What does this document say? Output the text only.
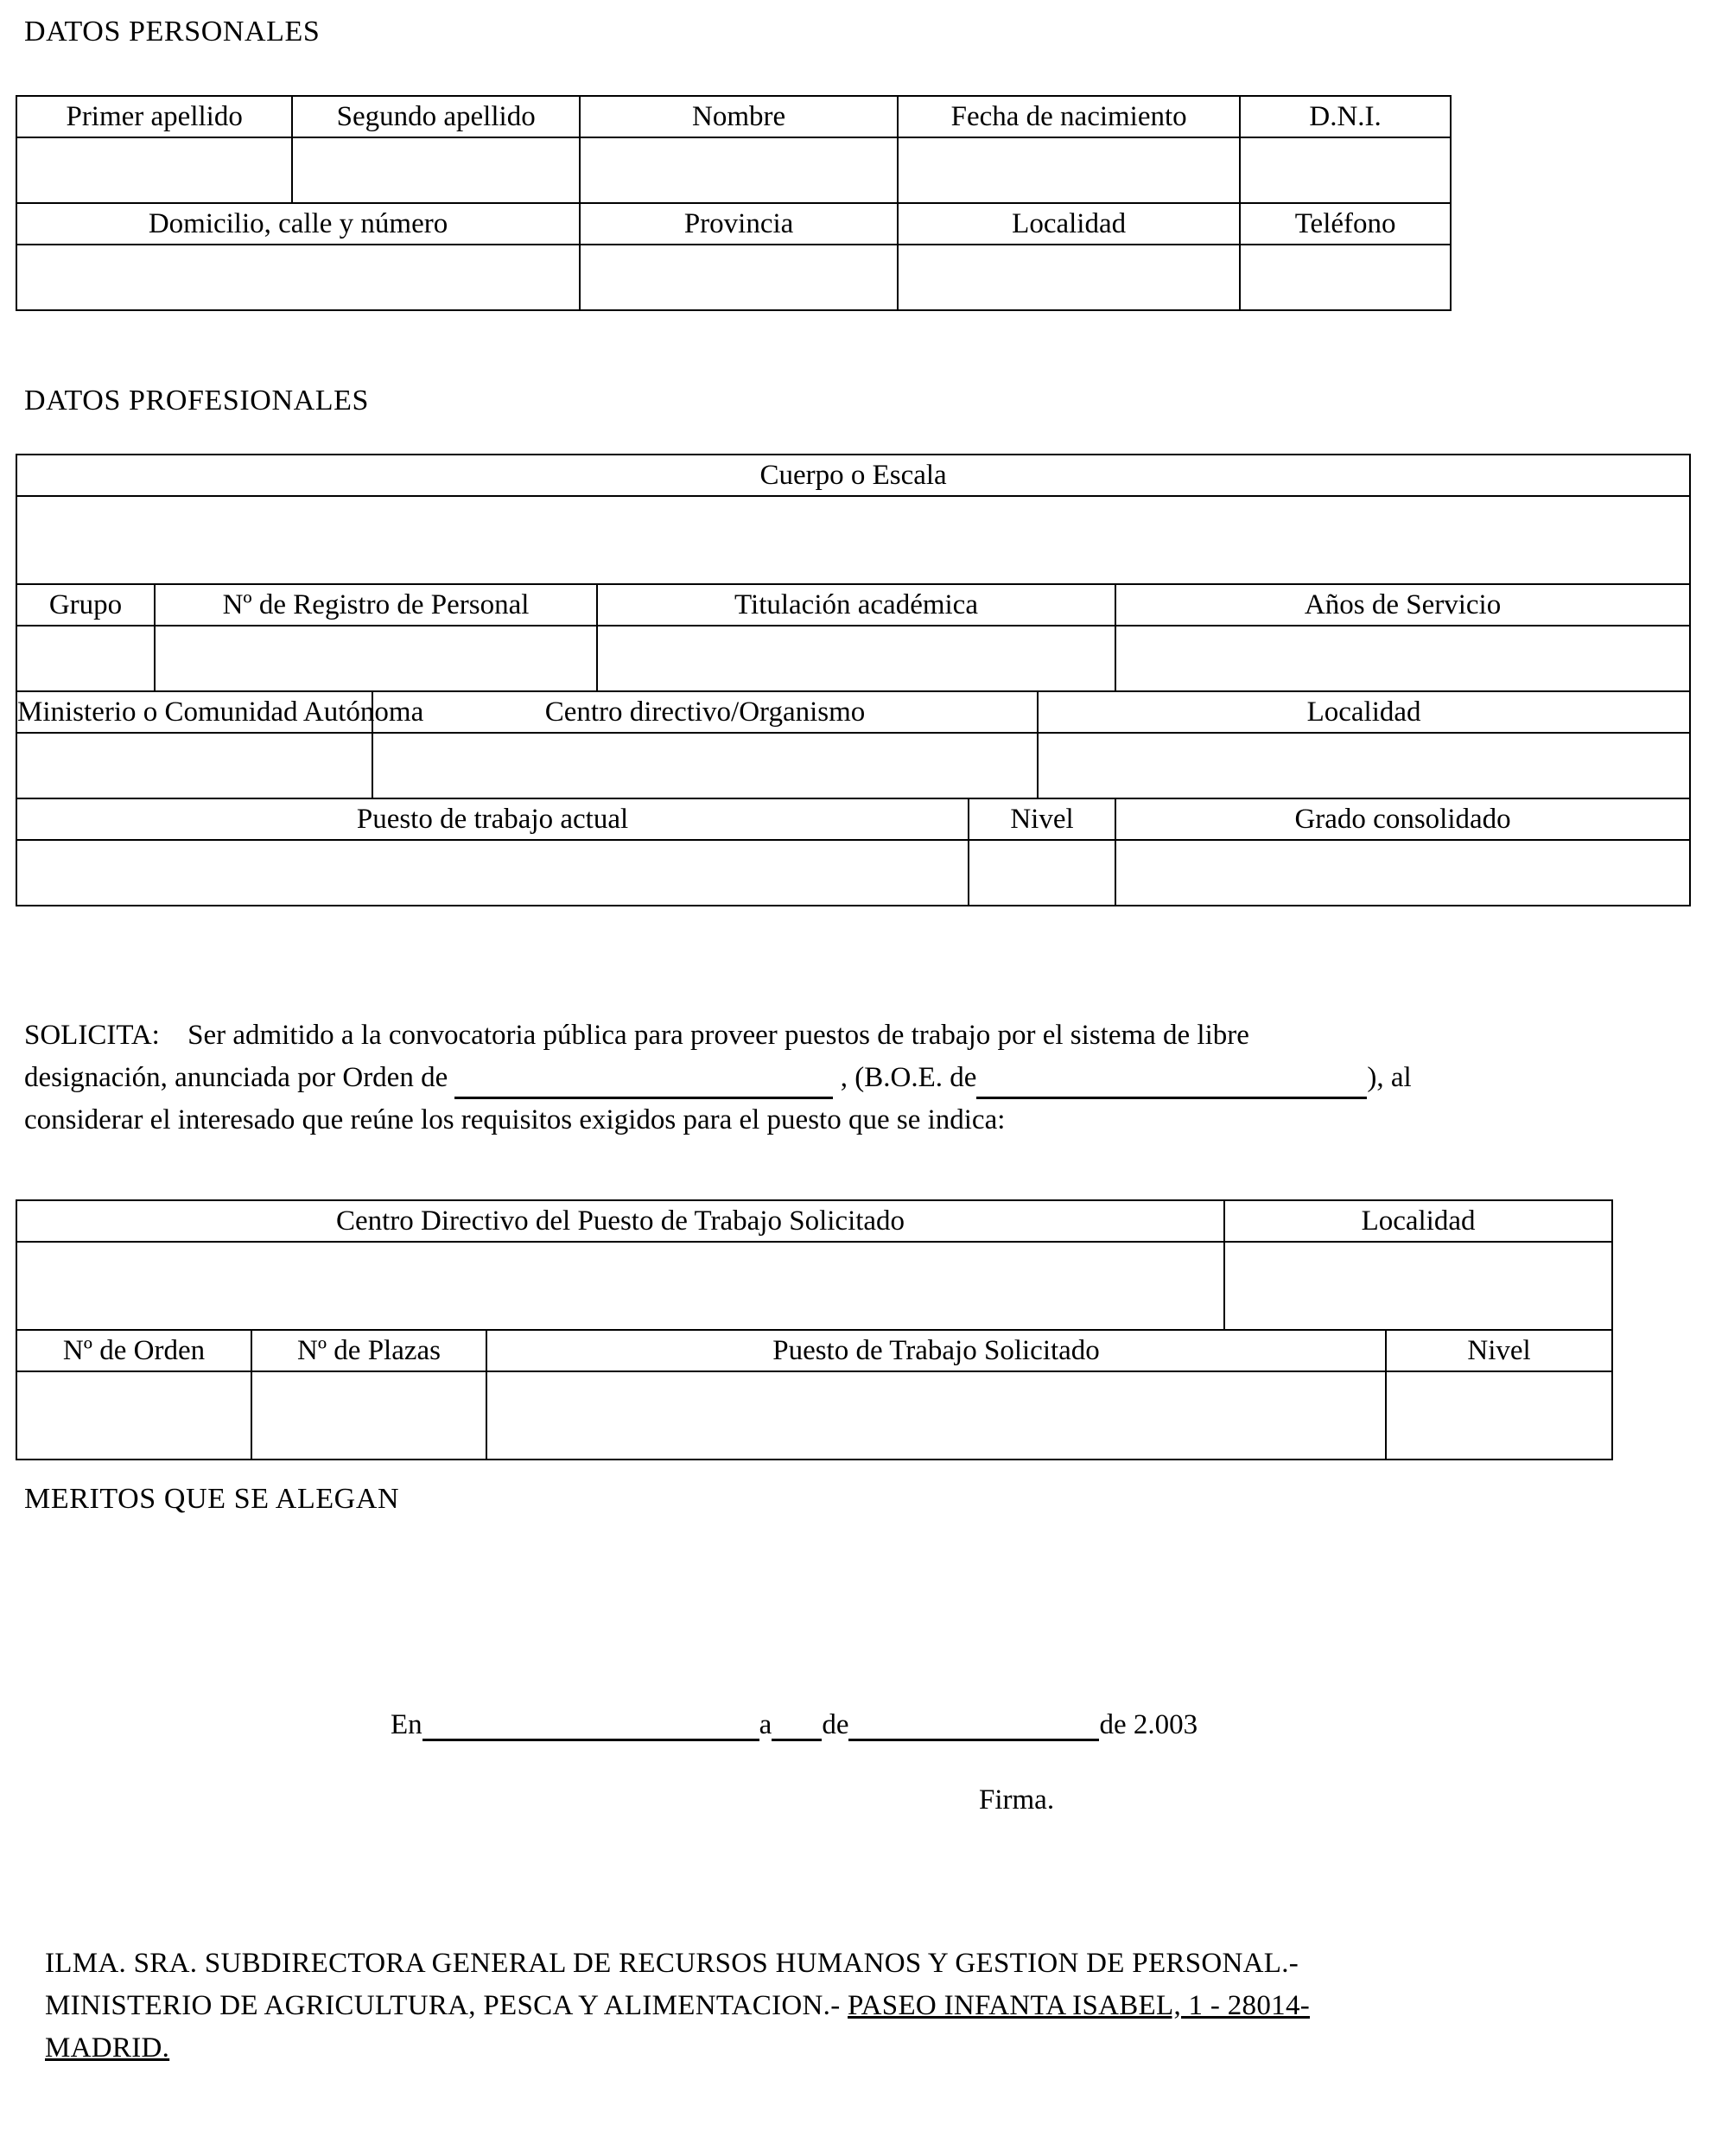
DATOS PERSONALES
Primer apellido	Segundo apellido	Nombre	Fecha de nacimiento	D.N.I.

Domicilio, calle y número		Provincia	Localidad	Teléfono

DATOS PROFESIONALES
Cuerpo o Escala						

Grupo	Nº de Registro de Personal		Titulación académica			Años de Servicio

Ministerio o Comunidad Autónoma		Centro directivo/Organismo			Localidad	

Puesto de trabajo actual				Nivel		Grado consolidado

SOLICITA: Ser admitido a la convocatoria pública para proveer puestos de trabajo por el sistema de libre
designación, anunciada por Orden de	, (B.O.E. de	), al
considerar el interesado que reúne los requisitos exigidos para el puesto que se indica:
Centro Directivo del Puesto de Trabajo Solicitado			Localidad	

Nº de Orden	Nº de Plazas	Puesto de Trabajo Solicitado		Nivel

MERITOS QUE SE ALEGAN
En	a de	de 2.003
Firma.
ILMA. SRA. SUBDIRECTORA GENERAL DE RECURSOS HUMANOS Y GESTION DE PERSONAL.-
MINISTERIO DE AGRICULTURA, PESCA Y ALIMENTACION.- PASEO INFANTA ISABEL, 1 - 28014-
MADRID.
